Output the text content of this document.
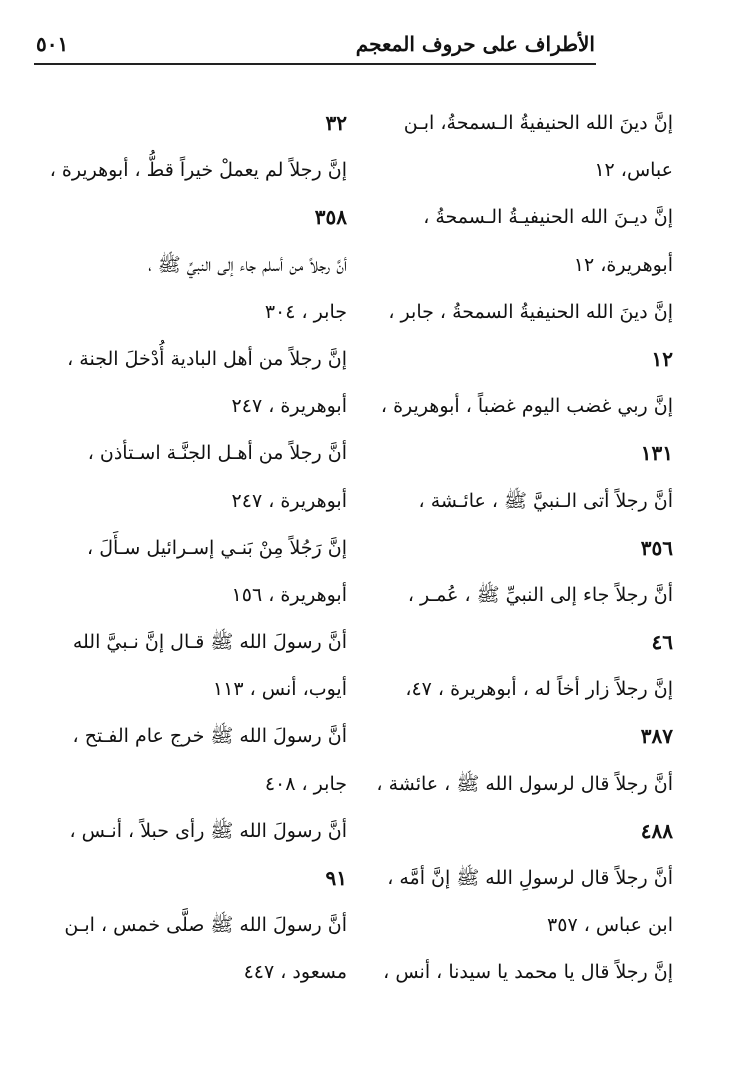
الأطراف على حروف المعجم
٥٠١
إنَّ دينَ الله الحنيفيةُ الـسمحةُ، ابـن
عباس، ١٢
إنَّ ديـنَ الله الحنيفيـةُ الـسمحةُ ،
أبوهريرة، ١٢
إنَّ دينَ الله الحنيفيةُ السمحةُ ، جابر ،
١٢
إنَّ ربي غضب اليوم غضباً ، أبوهريرة ،
١٣١
أنَّ رجلاً أتى الـنبيَّ ﷺ ، عائـشة ،
٣٥٦
أنَّ رجلاً جاء إلى النبيِّ ﷺ ، عُمـر ،
٤٦
إنَّ رجلاً زار أخاً له ، أبوهريرة ، ٤٧،
٣٨٧
أنَّ رجلاً قال لرسول الله ﷺ ، عائشة ،
٤٨٨
أنَّ رجلاً قال لرسولِ الله ﷺ إنَّ أمَّه ،
ابن عباس ، ٣٥٧
إنَّ رجلاً قال يا محمد يا سيدنا ، أنس ،
٣٢
إنَّ رجلاً لم يعملْ خيراً قطُّ ، أبوهريرة ،
٣٥٨
أنَّ رجلاً من أسلم جاء إلى النبيِّ ﷺ ،
جابر ، ٣٠٤
إنَّ رجلاً من أهل البادية أُدْخلَ الجنة ،
أبوهريرة ، ٢٤٧
أنَّ رجلاً من أهـل الجنَّـة اسـتأذن ،
أبوهريرة ، ٢٤٧
إنَّ رَجُلاً مِنْ بَنـي إسـرائيل سـأَلَ ،
أبوهريرة ، ١٥٦
أنَّ رسولَ الله ﷺ قـال إنَّ نـبيَّ الله
أيوب، أنس ، ١١٣
أنَّ رسولَ الله ﷺ خرج عام الفـتح ،
جابر ، ٤٠٨
أنَّ رسولَ الله ﷺ رأى حبلاً ، أنـس ،
٩١
أنَّ رسولَ الله ﷺ صلَّى خمس ، ابـن
مسعود ، ٤٤٧
